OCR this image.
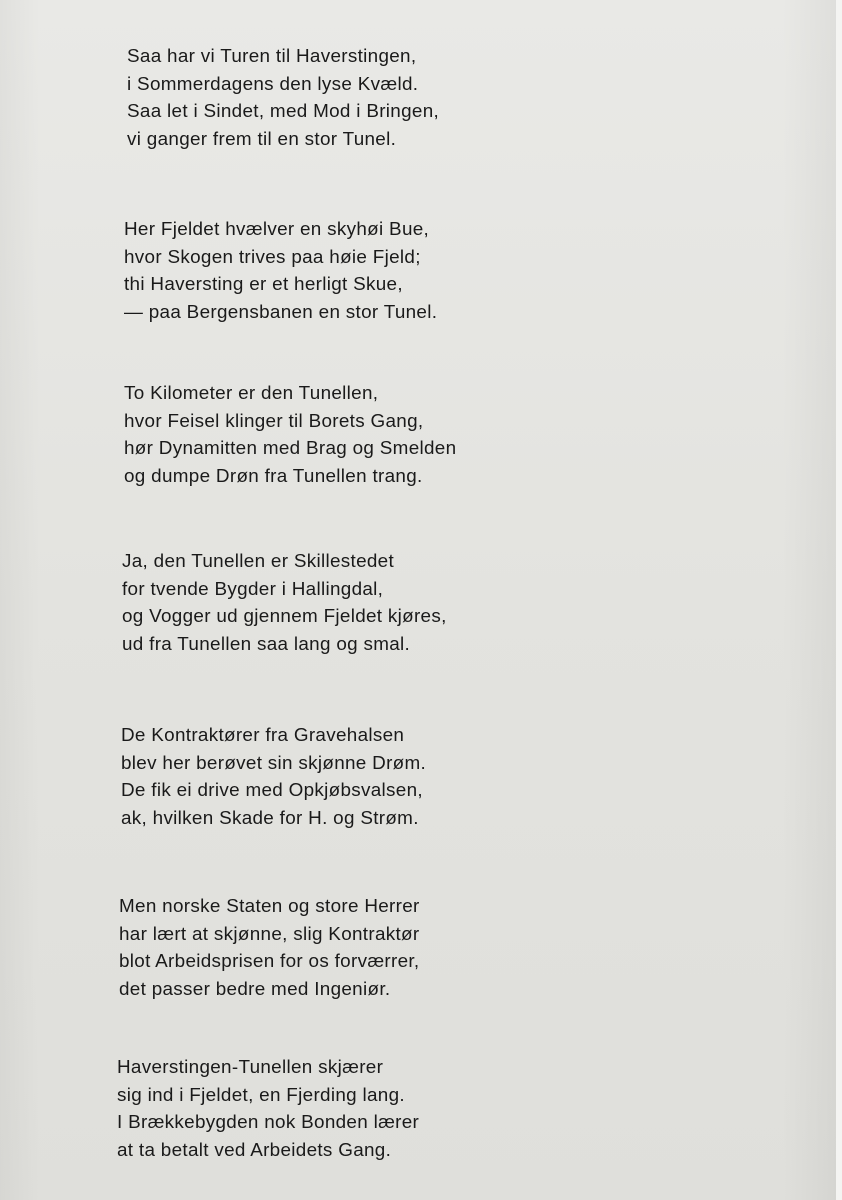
Saa har vi Turen til Haverstingen,
i Sommerdagens den lyse Kvæld.
Saa let i Sindet, med Mod i Bringen,
vi ganger frem til en stor Tunel.
Her Fjeldet hvælver en skyhøi Bue,
hvor Skogen trives paa høie Fjeld;
thi Haversting er et herligt Skue,
— paa Bergensbanen en stor Tunel.
To Kilometer er den Tunellen,
hvor Feisel klinger til Borets Gang,
hør Dynamitten med Brag og Smelden
og dumpe Drøn fra Tunellen trang.
Ja, den Tunellen er Skillestedet
for tvende Bygder i Hallingdal,
og Vogger ud gjennem Fjeldet kjøres,
ud fra Tunellen saa lang og smal.
De Kontraktører fra Gravehalsen
blev her berøvet sin skjønne Drøm.
De fik ei drive med Opkjøbsvalsen,
ak, hvilken Skade for H. og Strøm.
Men norske Staten og store Herrer
har lært at skjønne, slig Kontraktør
blot Arbeidsprisen for os forværrer,
det passer bedre med Ingeniør.
Haverstingen-Tunellen skjærer
sig ind i Fjeldet, en Fjerding lang.
I Brækkebygden nok Bonden lærer
at ta betalt ved Arbeidets Gang.
